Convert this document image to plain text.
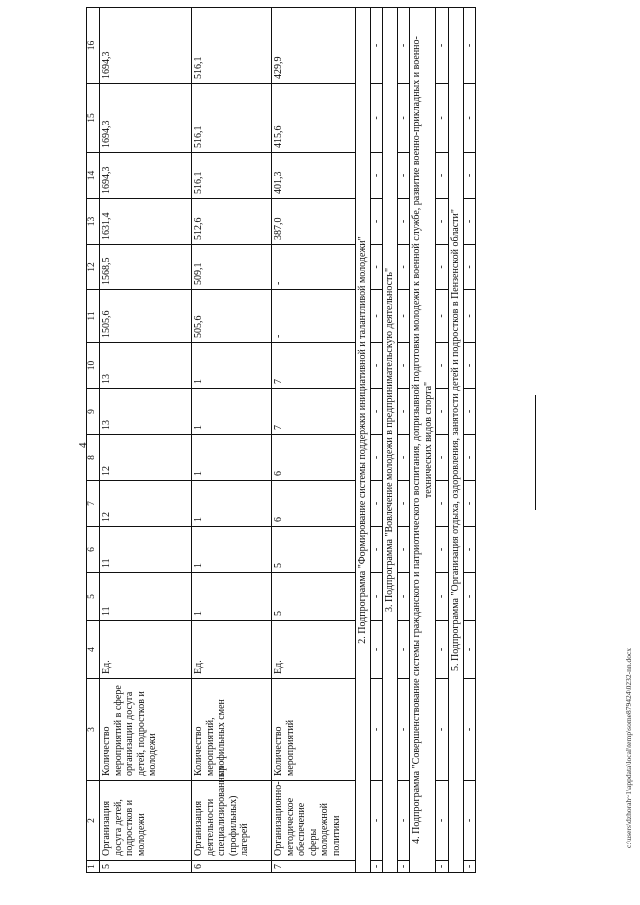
4
c:\users\dzhorah~1\appdata\local\temp\some879424\0232-nn.docx
1	2	3	4	5	6	7	8	9	10	11	12	13	14	15	16
5	Организация досуга детей, подростков и молодежи	Количество мероприятий в сфере организации досуга детей, подростков и молодежи	Ед.	11	11	12	12	13	13	1505,6	1568,5	1631,4	1694,3	1694,3	1694,3
6	Организация деятельности специализированных (профильных) лагерей	Количество мероприятий, профильных смен	Ед.	1	1	1	1	1	1	505,6	509,1	512,6	516,1	516,1	516,1
7	Организационно-методическое обеспечение сферы молодежной политики	Количество мероприятий	Ед.	5	5	6	6	7	7	-	-	387,0	401,3	415,6	429,9
2. Подпрограмма "Формирование системы поддержки инициативной и талантливой молодежи"															
-	-	-	-	-	-	-	-	-	-	-	-	-	-	-	-
3. Подпрограмма "Вовлечение молодежи в предпринимательскую деятельность"															
-	-	-	-	-	-	-	-	-	-	-	-	-	-	-	-
4. Подпрограмма "Совершенствование системы гражданского и патриотического воспитания, допризывной подготовки молодежи к военной службе, развитие военно-прикладных и военно-технических видов спорта"															
-	-	-	-	-	-	-	-	-	-	-	-	-	-	-	-
5. Подпрограмма "Организация отдыха, оздоровления, занятости детей и подростков в Пензенской области"															
-	-	-	-	-	-	-	-	-	-	-	-	-	-	-	-
